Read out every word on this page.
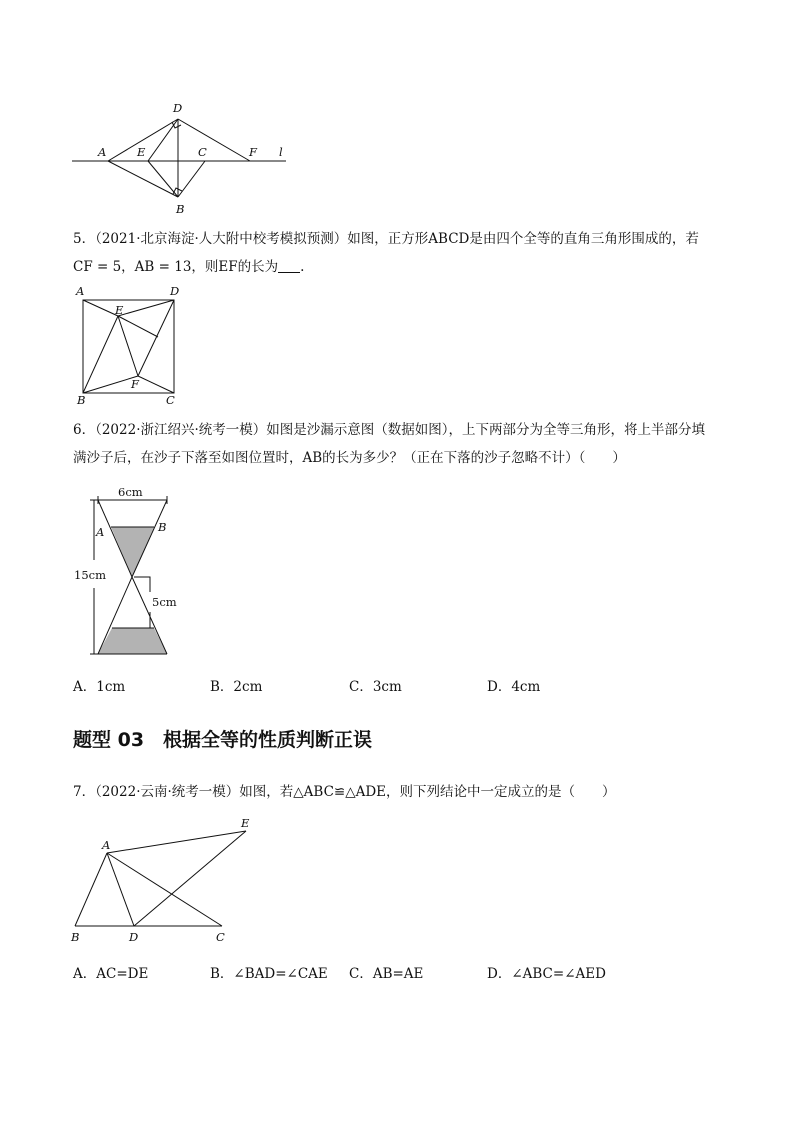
D
A	E	C	F l
B
5．（2021·北京海淀·人大附中校考模拟预测）如图，正方形ABCD是由四个全等的直角三角形围成的，若
CF = 5，AB = 13，则EF的长为 .
A	D
E
F
B	C
6．（2022·浙江绍兴·统考一模）如图是沙漏示意图（数据如图），上下两部分为全等三角形，将上半部分填
满沙子后，在沙子下落至如图位置时，AB的长为多少？（正在下落的沙子忽略不计）（　　）
6cm
15cm
5cm
A	B
A．1cm	B．2cm	C．3cm	D．4cm
题型 03　根据全等的性质判断正误
7．（2022·云南·统考一模）如图，若△ABC≌△ADE，则下列结论中一定成立的是（　　）
A
E
B	D	C
A．AC=DE	B．∠BAD=∠CAE C．AB=AE	D．∠ABC=∠AED
